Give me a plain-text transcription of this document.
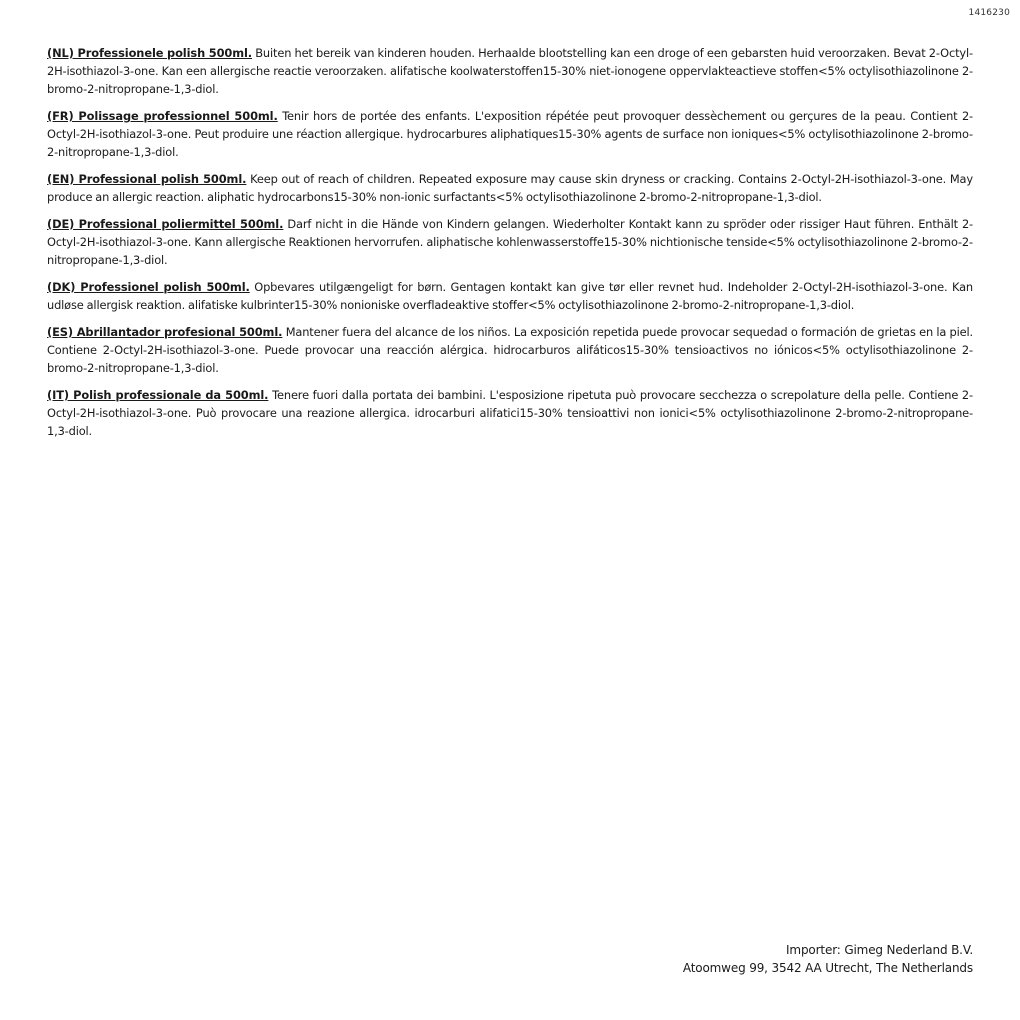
1416230

(NL) Professionele polish 500ml. Buiten het bereik van kinderen houden. Herhaalde blootstelling kan een droge of een gebarsten huid veroorzaken. Bevat 2-Octyl-2H-isothiazol-3-one. Kan een allergische reactie veroorzaken. alifatische koolwaterstoffen15-30% niet-ionogene oppervlakteactieve stoffen<5% octylisothiazolinone 2-bromo-2-nitropropane-1,3-diol.

(FR) Polissage professionnel 500ml. Tenir hors de portée des enfants. L'exposition répétée peut provoquer dessèchement ou gerçures de la peau. Contient 2-Octyl-2H-isothiazol-3-one. Peut produire une réaction allergique. hydrocarbures aliphatiques15-30% agents de surface non ioniques<5% octylisothiazolinone 2-bromo-2-nitropropane-1,3-diol.

(EN) Professional polish 500ml. Keep out of reach of children. Repeated exposure may cause skin dryness or cracking. Contains 2-Octyl-2H-isothiazol-3-one. May produce an allergic reaction. aliphatic hydrocarbons15-30% non-ionic surfactants<5% octylisothiazolinone 2-bromo-2-nitropropane-1,3-diol.

(DE) Professional poliermittel 500ml. Darf nicht in die Hände von Kindern gelangen. Wiederholter Kontakt kann zu spröder oder rissiger Haut führen. Enthält 2-Octyl-2H-isothiazol-3-one. Kann allergische Reaktionen hervorrufen. aliphatische kohlenwasserstoffe15-30% nichtionische tenside<5% octylisothiazolinone 2-bromo-2-nitropropane-1,3-diol.

(DK) Professionel polish 500ml. Opbevares utilgængeligt for børn. Gentagen kontakt kan give tør eller revnet hud. Indeholder 2-Octyl-2H-isothiazol-3-one. Kan udløse allergisk reaktion. alifatiske kulbrinter15-30% nonioniske overfladeaktive stoffer<5% octylisothiazolinone 2-bromo-2-nitropropane-1,3-diol.

(ES) Abrillantador profesional 500ml. Mantener fuera del alcance de los niños. La exposición repetida puede provocar sequedad o formación de grietas en la piel. Contiene 2-Octyl-2H-isothiazol-3-one. Puede provocar una reacción alérgica. hidrocarburos alifáticos15-30% tensioactivos no iónicos<5% octylisothiazolinone 2-bromo-2-nitropropane-1,3-diol.

(IT) Polish professionale da 500ml. Tenere fuori dalla portata dei bambini. L'esposizione ripetuta può provocare secchezza o screpolature della pelle. Contiene 2-Octyl-2H-isothiazol-3-one. Può provocare una reazione allergica. idrocarburi alifatici15-30% tensioattivi non ionici<5% octylisothiazolinone 2-bromo-2-nitropropane-1,3-diol.

Importer: Gimeg Nederland B.V.
Atoomweg 99, 3542 AA Utrecht, The Netherlands
